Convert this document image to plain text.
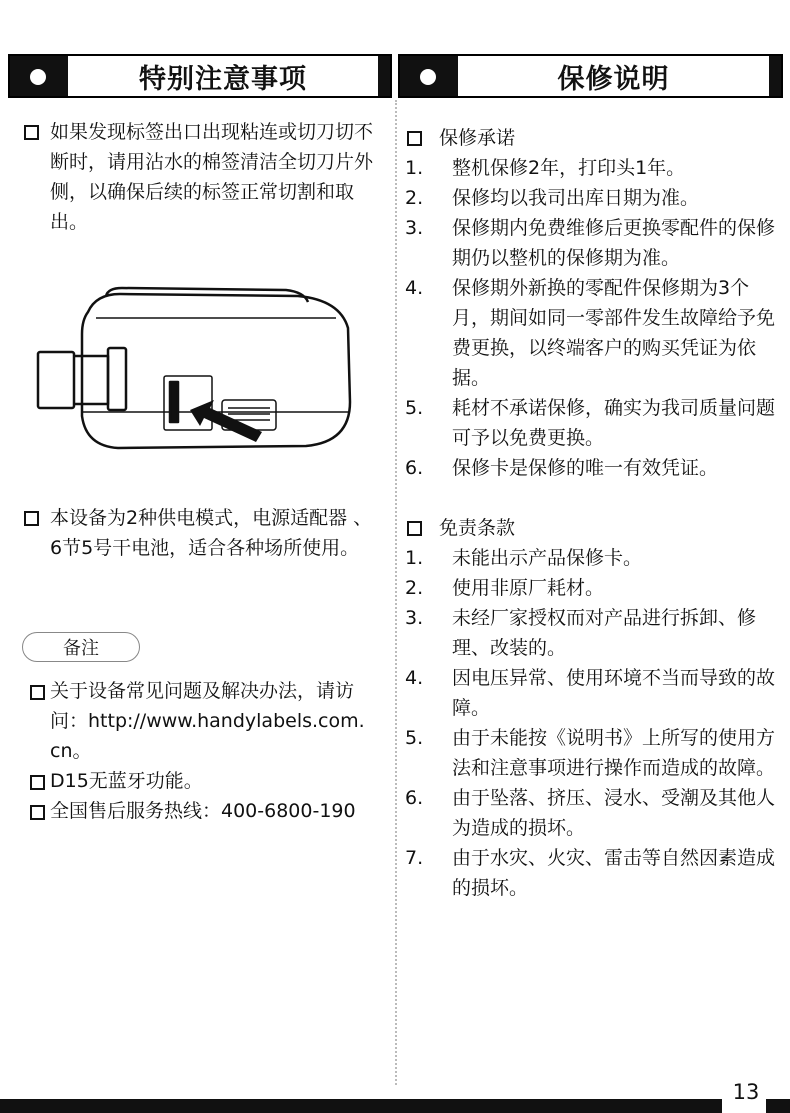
特别注意事项	保修说明
如果发现标签出口出现粘连或切刀切不断时，请用沾水的棉签清洁全切刀片外侧，以确保后续的标签正常切割和取出。
本设备为2种供电模式，电源适配器 、6节5号干电池，适合各种场所使用。
备注
关于设备常见问题及解决办法，请访问：http://www.handylabels.com.cn。
D15无蓝牙功能。
全国售后服务热线：400-6800-190
保修承诺
1. 整机保修2年，打印头1年。
2. 保修均以我司出库日期为准。
3. 保修期内免费维修后更换零配件的保修期仍以整机的保修期为准。
4. 保修期外新换的零配件保修期为3个月，期间如同一零部件发生故障给予免费更换，以终端客户的购买凭证为依据。
5. 耗材不承诺保修，确实为我司质量问题可予以免费更换。
6. 保修卡是保修的唯一有效凭证。
免责条款
1. 未能出示产品保修卡。
2. 使用非原厂耗材。
3. 未经厂家授权而对产品进行拆卸、修理、改装的。
4. 因电压异常、使用环境不当而导致的故障。
5. 由于未能按《说明书》上所写的使用方法和注意事项进行操作而造成的故障。
6. 由于坠落、挤压、浸水、受潮及其他人为造成的损坏。
7. 由于水灾、火灾、雷击等自然因素造成的损坏。
13
